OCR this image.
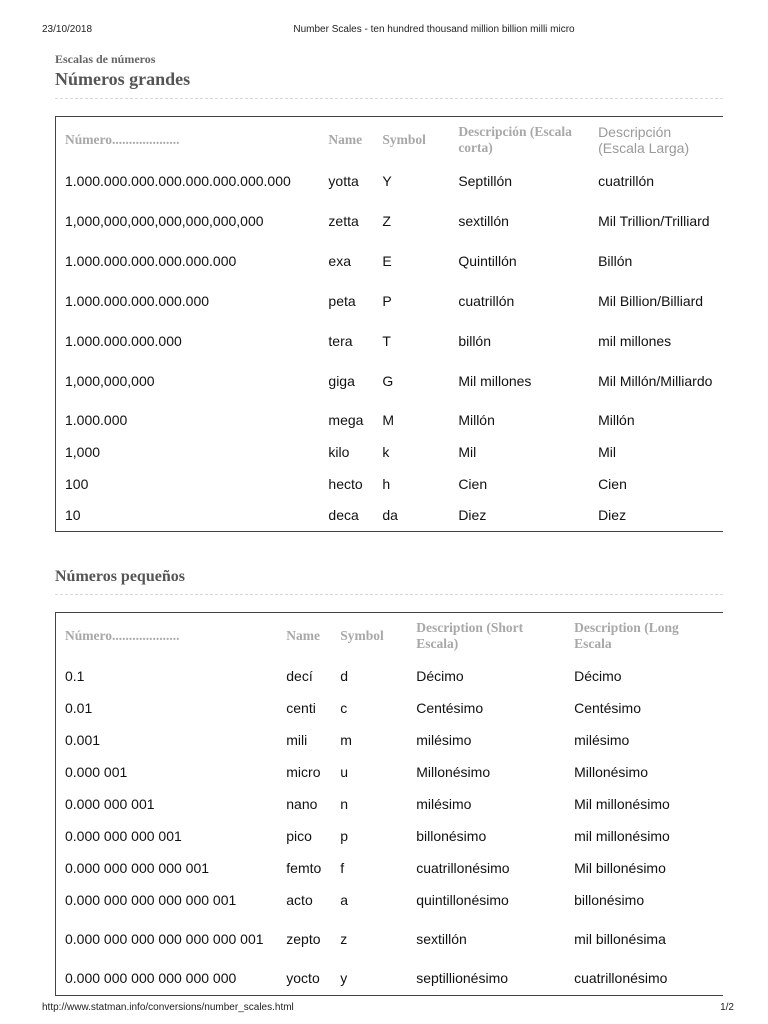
23/10/2018	Number Scales - ten hundred thousand million billion milli micro

Escalas de números

Números grandes

Número....................	Name	Symbol	Descripción (Escala corta)	Descripción (Escala Larga)
1.000.000.000.000.000.000.000.000	yotta	Y	Septillón	cuatrillón
1,000,000,000,000,000,000,000	zetta	Z	sextillón	Mil Trillion/Trilliard
1.000.000.000.000.000.000	exa	E	Quintillón	Billón
1.000.000.000.000.000	peta	P	cuatrillón	Mil Billion/Billiard
1.000.000.000.000	tera	T	billón	mil millones
1,000,000,000	giga	G	Mil millones	Mil Millón/Milliardo
1.000.000	mega	M	Millón	Millón
1,000	kilo	k	Mil	Mil
100	hecto	h	Cien	Cien
10	deca	da	Diez	Diez

Números pequeños

Número....................	Name	Symbol	Description (Short Escala)	Description (Long Escala
0.1	decí	d	Décimo	Décimo
0.01	centi	c	Centésimo	Centésimo
0.001	mili	m	milésimo	milésimo
0.000 001	micro	u	Millonésimo	Millonésimo
0.000 000 001	nano	n	milésimo	Mil millonésimo
0.000 000 000 001	pico	p	billonésimo	mil millonésimo
0.000 000 000 000 001	femto	f	cuatrillonésimo	Mil billonésimo
0.000 000 000 000 000 001	acto	a	quintillonésimo	billonésimo
0.000 000 000 000 000 000 001	zepto	z	sextillón	mil billonésima
0.000 000 000 000 000 000	yocto	y	septillionésimo	cuatrillonésimo
http://www.statman.info/conversions/number_scales.html	1/2
